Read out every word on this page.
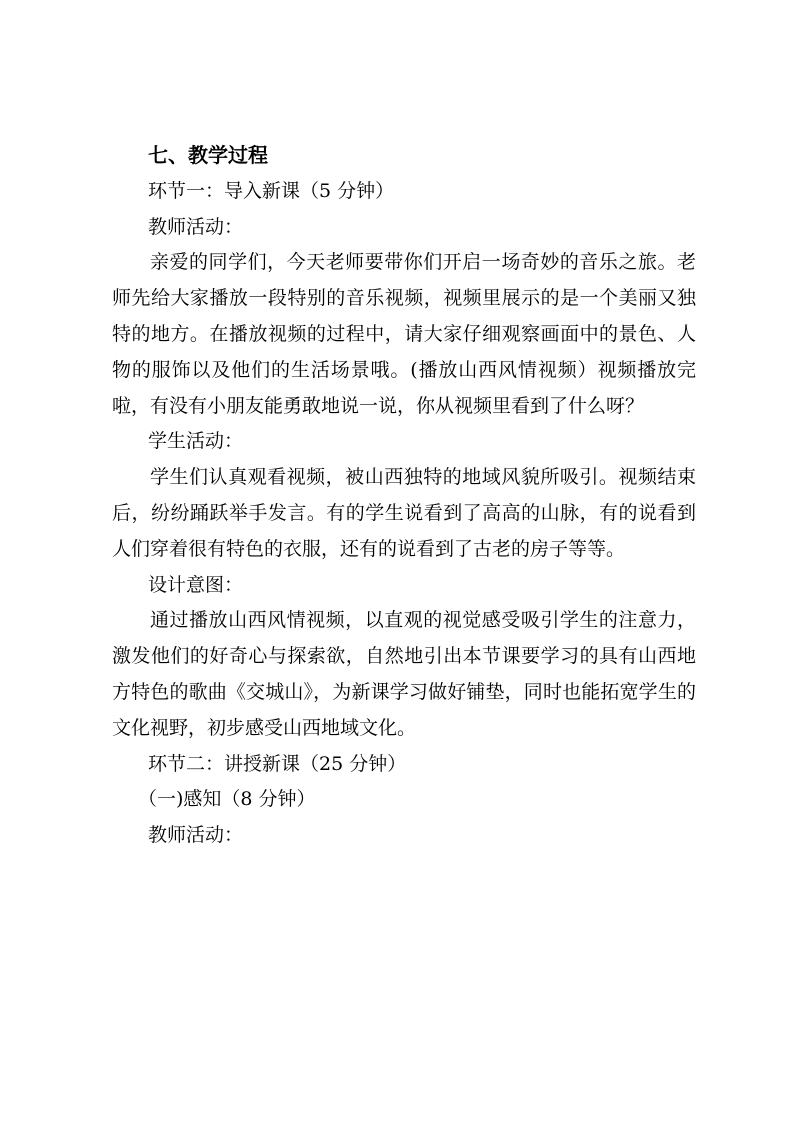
七、教学过程
环节一：导入新课（5 分钟）
教师活动：

亲爱的同学们，今天老师要带你们开启一场奇妙的音乐之旅。老师先给大家播放一段特别的音乐视频，视频里展示的是一个美丽又独特的地方。在播放视频的过程中，请大家仔细观察画面中的景色、人物的服饰以及他们的生活场景哦。(播放山西风情视频）视频播放完啦，有没有小朋友能勇敢地说一说，你从视频里看到了什么呀？

学生活动：

学生们认真观看视频，被山西独特的地域风貌所吸引。视频结束后，纷纷踊跃举手发言。有的学生说看到了高高的山脉，有的说看到人们穿着很有特色的衣服，还有的说看到了古老的房子等等。

设计意图：

通过播放山西风情视频，以直观的视觉感受吸引学生的注意力，激发他们的好奇心与探索欲，自然地引出本节课要学习的具有山西地方特色的歌曲《交城山》，为新课学习做好铺垫，同时也能拓宽学生的文化视野，初步感受山西地域文化。

环节二：讲授新课（25 分钟）
（一)感知（8 分钟）
教师活动：
